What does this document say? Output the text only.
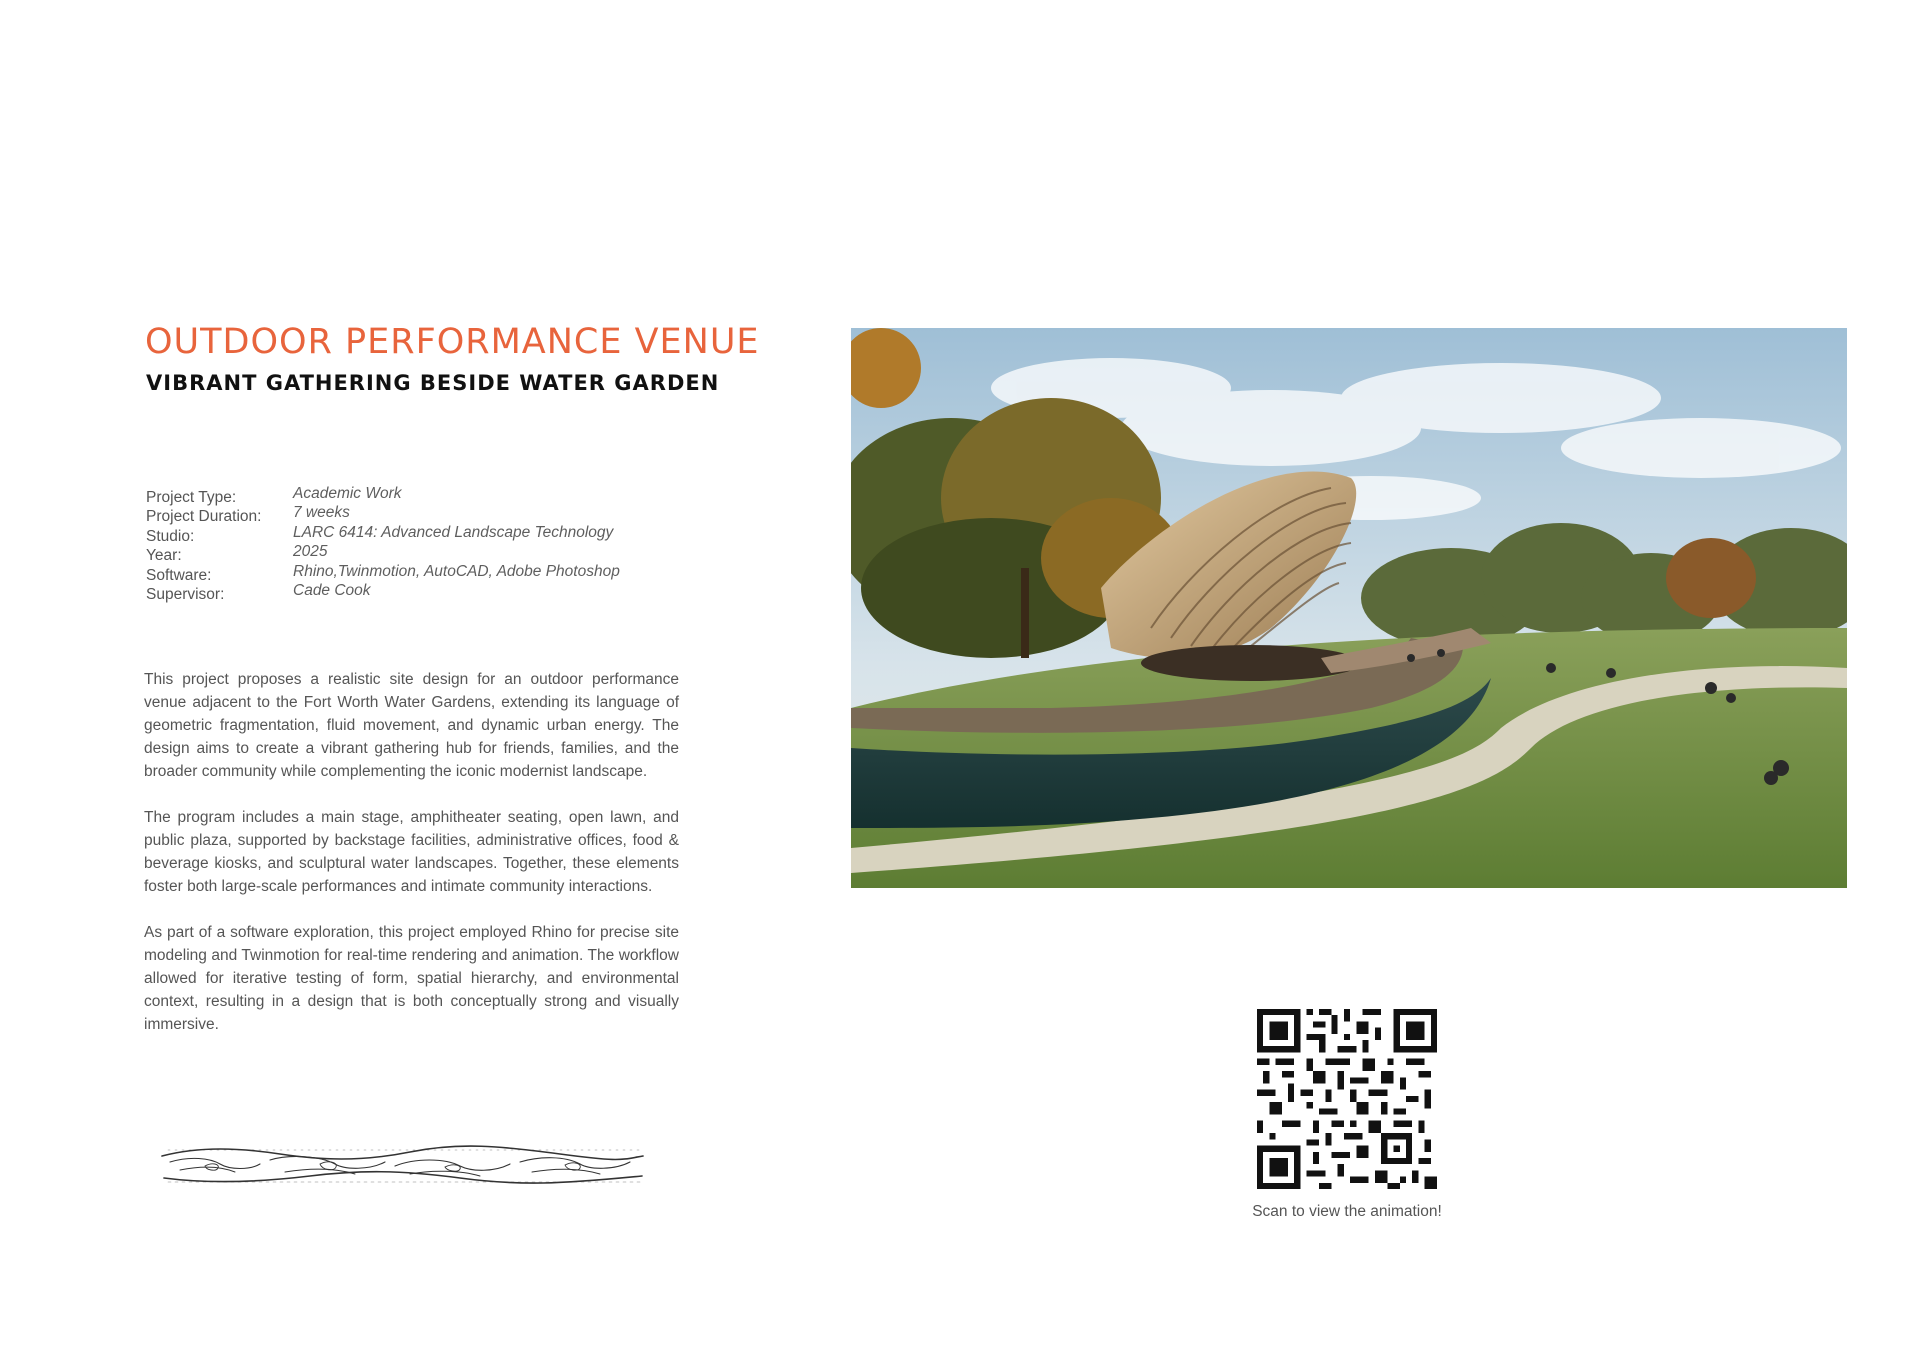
OUTDOOR PERFORMANCE VENUE
VIBRANT GATHERING BESIDE WATER GARDEN
Project Type:	Academic Work
Project Duration:	7 weeks
Studio:	LARC 6414: Advanced Landscape Technology
Year:	2025
Software:	Rhino,Twinmotion, AutoCAD, Adobe Photoshop
Supervisor:	Cade Cook

This project proposes a realistic site design for an outdoor performance venue adjacent to the Fort Worth Water Gardens, extending its language of geometric fragmentation, fluid movement, and dynamic urban energy. The design aims to create a vibrant gathering hub for friends, families, and the broader community while complementing the iconic modernist landscape.

The program includes a main stage, amphitheater seating, open lawn, and public plaza, supported by backstage facilities, administrative offices, food & beverage kiosks, and sculptural water landscapes. Together, these elements foster both large-scale performances and intimate community interactions.

As part of a software exploration, this project employed Rhino for precise site modeling and Twinmotion for real-time rendering and animation. The workflow allowed for iterative testing of form, spatial hierarchy, and environmental context, resulting in a design that is both conceptually strong and visually immersive.

Scan to view the animation!
